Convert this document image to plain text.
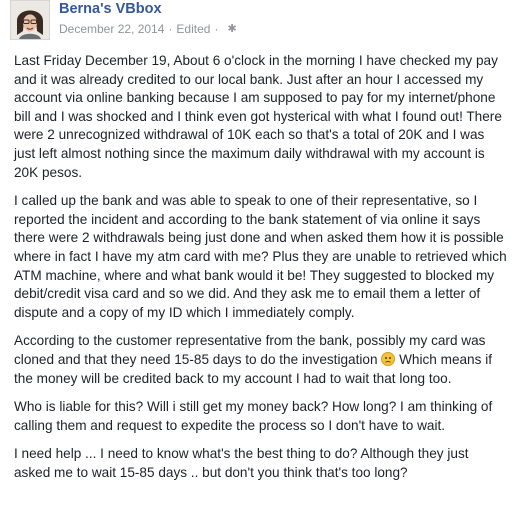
Berna's VBbox
December 22, 2014 · Edited · ✱

Last Friday December 19, About 6 o'clock in the morning I have checked my pay and it was already credited to our local bank. Just after an hour I accessed my account via online banking because I am supposed to pay for my internet/phone bill and I was shocked and I think even got hysterical with what I found out! There were 2 unrecognized withdrawal of 10K each so that's a total of 20K and I was just left almost nothing since the maximum daily withdrawal with my account is 20K pesos.

I called up the bank and was able to speak to one of their representative, so I reported the incident and according to the bank statement of via online it says there were 2 withdrawals being just done and when asked them how it is possible where in fact I have my atm card with me? Plus they are unable to retrieved which ATM machine, where and what bank would it be! They suggested to blocked my debit/credit visa card and so we did. And they ask me to email them a letter of dispute and a copy of my ID which I immediately comply.

According to the customer representative from the bank, possibly my card was cloned and that they need 15-85 days to do the investigation
Which means if the money will be credited back to my account I had to wait that long too.

Who is liable for this? Will i still get my money back? How long? I am thinking of calling them and request to expedite the process so I don't have to wait.

I need help ... I need to know what's the best thing to do? Although they just asked me to wait 15-85 days .. but don't you think that's too long?
